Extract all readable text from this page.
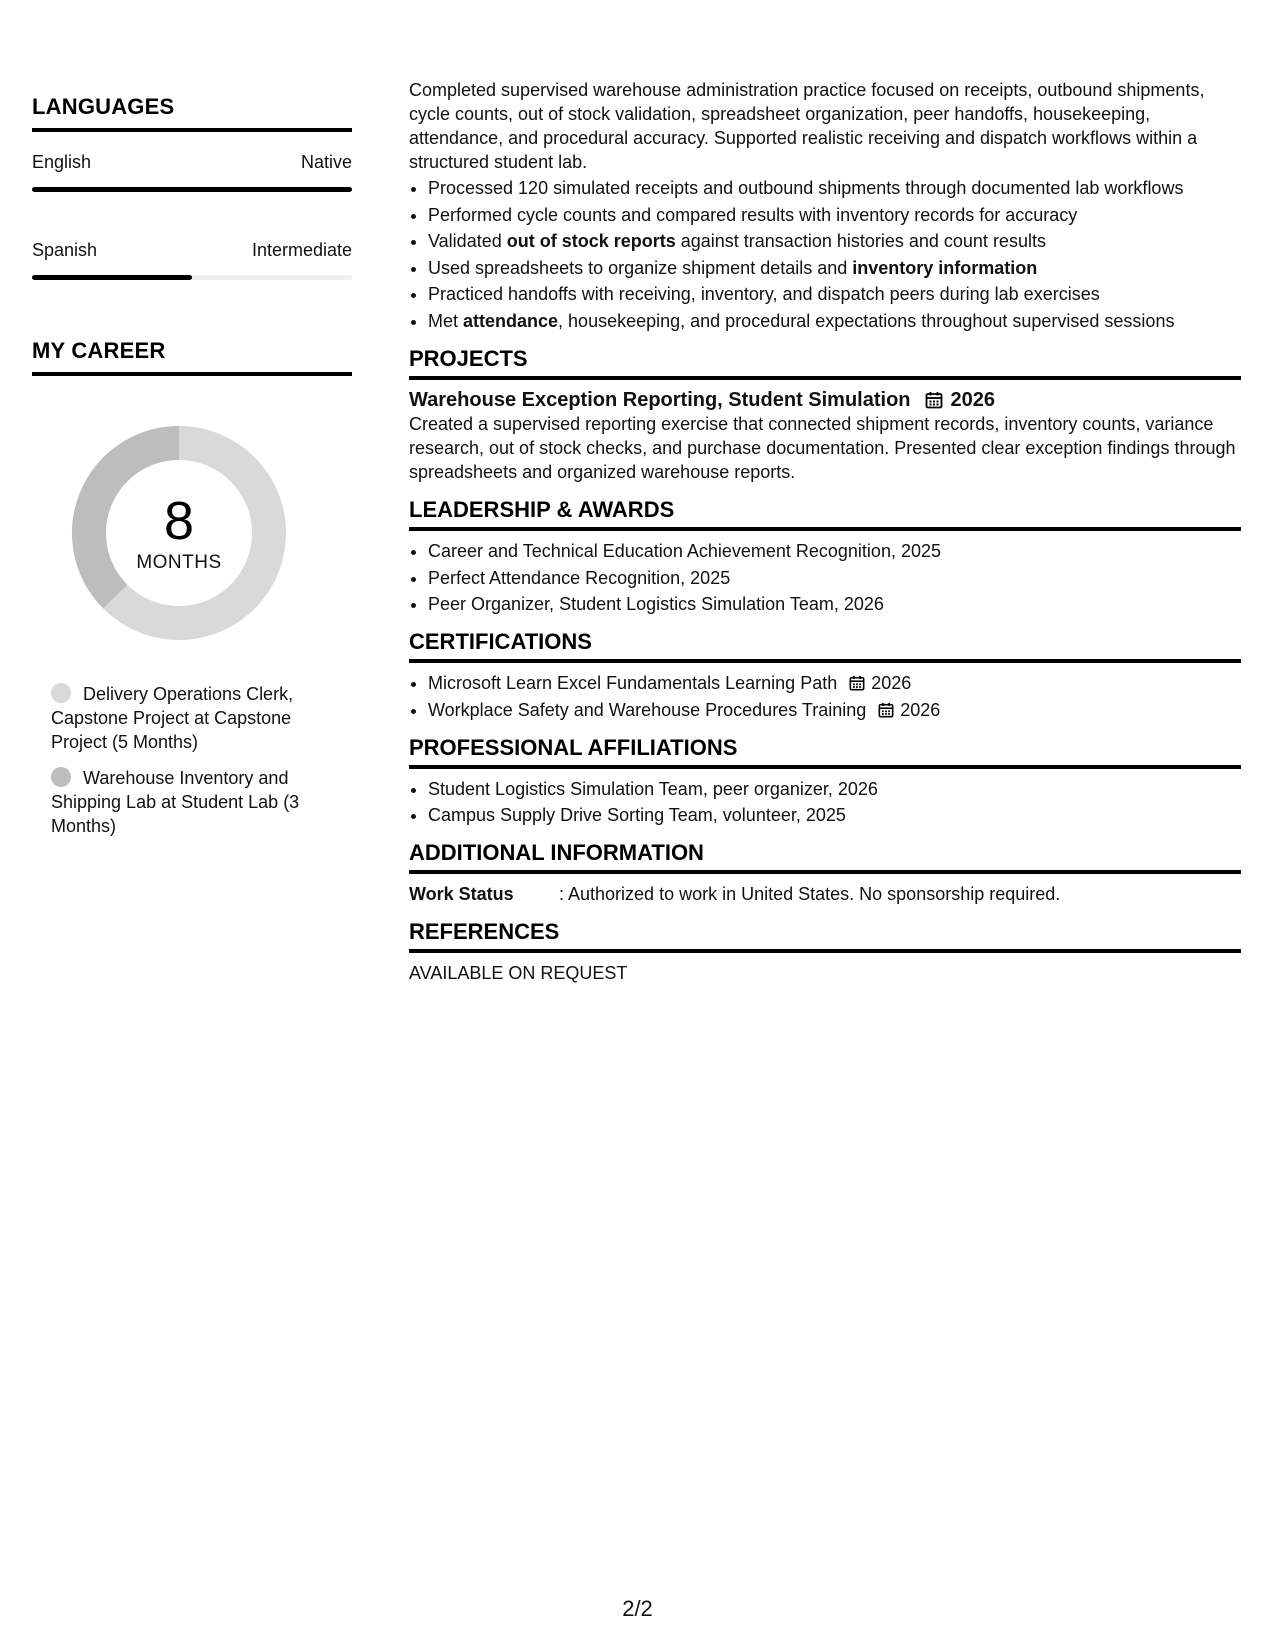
LANGUAGES
English	Native
Spanish	Intermediate
MY CAREER
8
MONTHS
Delivery Operations Clerk, Capstone Project at Capstone Project (5 Months)
Warehouse Inventory and Shipping Lab at Student Lab (3 Months)

Completed supervised warehouse administration practice focused on receipts, outbound shipments, cycle counts, out of stock validation, spreadsheet organization, peer handoffs, housekeeping, attendance, and procedural accuracy. Supported realistic receiving and dispatch workflows within a structured student lab.

• Processed 120 simulated receipts and outbound shipments through documented lab workflows
• Performed cycle counts and compared results with inventory records for accuracy
• Validated out of stock reports against transaction histories and count results
• Used spreadsheets to organize shipment details and inventory information
• Practiced handoffs with receiving, inventory, and dispatch peers during lab exercises
• Met attendance, housekeeping, and procedural expectations throughout supervised sessions
PROJECTS
Warehouse Exception Reporting, Student Simulation 2026

Created a supervised reporting exercise that connected shipment records, inventory counts, variance research, out of stock checks, and purchase documentation. Presented clear exception findings through spreadsheets and organized warehouse reports.

LEADERSHIP & AWARDS
• Career and Technical Education Achievement Recognition, 2025
• Perfect Attendance Recognition, 2025
• Peer Organizer, Student Logistics Simulation Team, 2026
CERTIFICATIONS
• Microsoft Learn Excel Fundamentals Learning Path 2026
• Workplace Safety and Warehouse Procedures Training 2026
PROFESSIONAL AFFILIATIONS
• Student Logistics Simulation Team, peer organizer, 2026
• Campus Supply Drive Sorting Team, volunteer, 2025
ADDITIONAL INFORMATION
Work Status	: Authorized to work in United States. No sponsorship required.
REFERENCES

AVAILABLE ON REQUEST

2/2
